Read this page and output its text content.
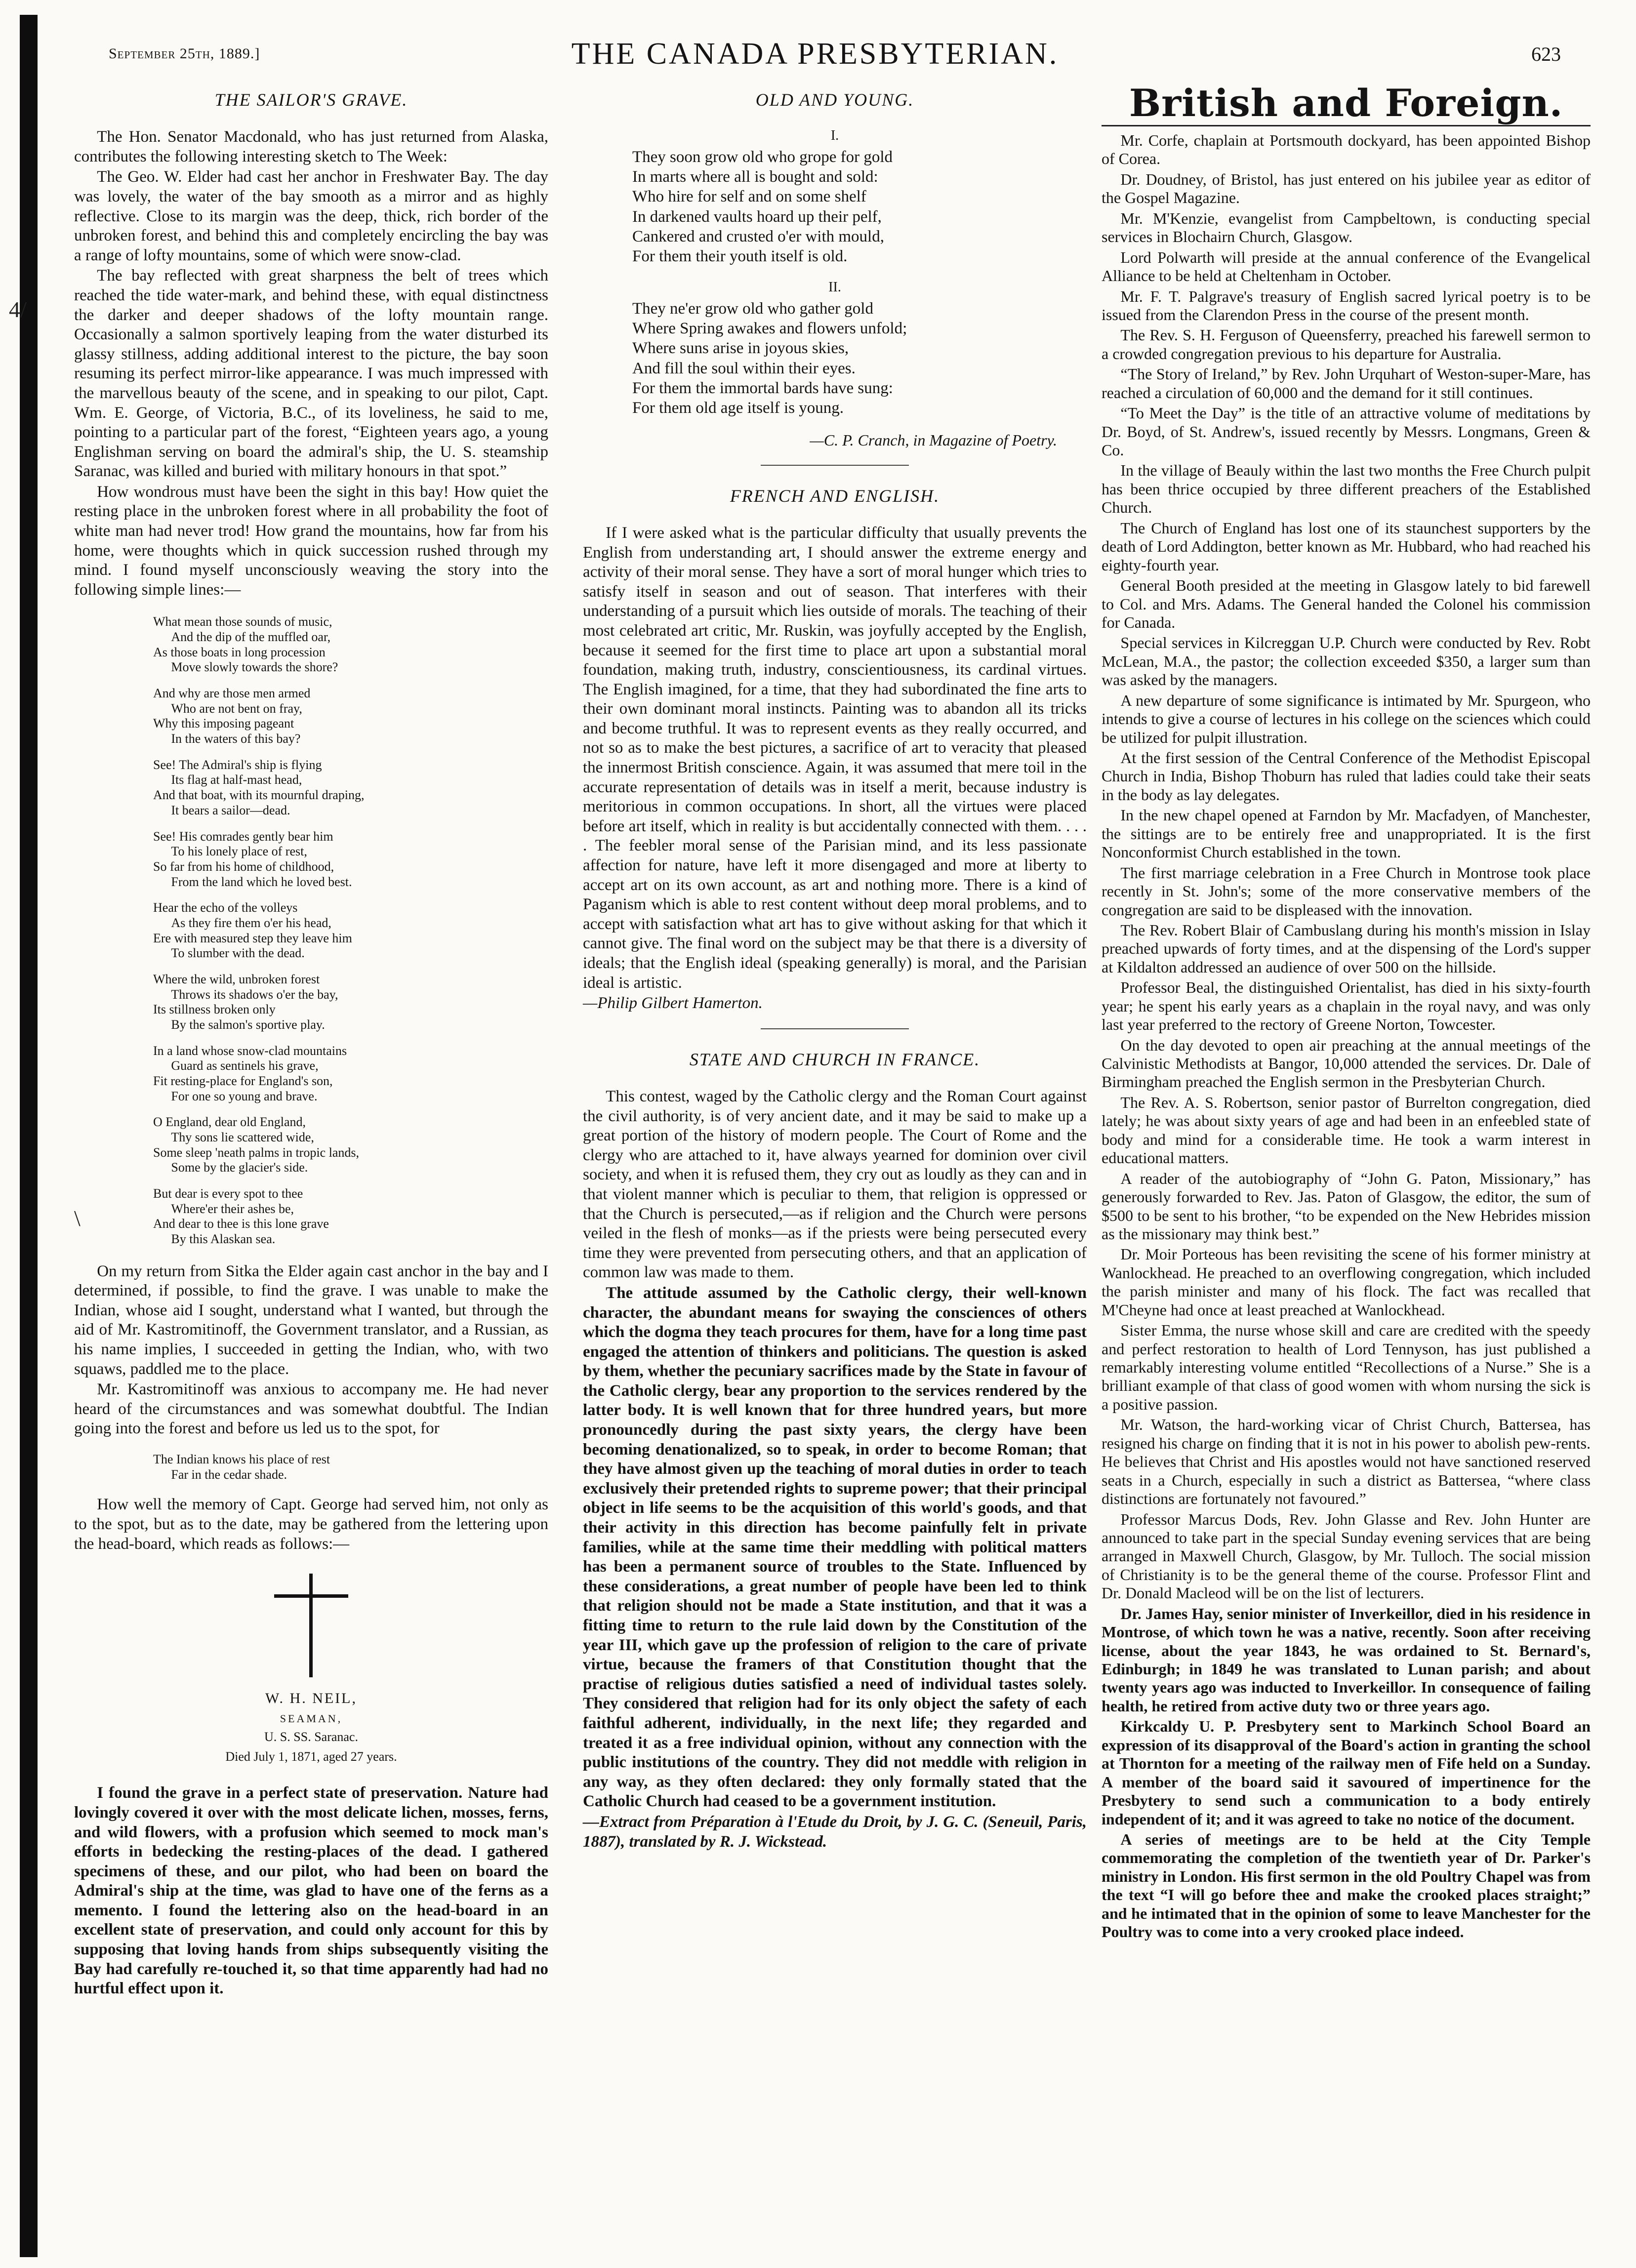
4/
\
September 25th, 1889.]	THE CANADA PRESBYTERIAN.	623
THE SAILOR'S GRAVE.

The Hon. Senator Macdonald, who has just returned from Alaska, contributes the following interesting sketch to The Week:

The Geo. W. Elder had cast her anchor in Freshwater Bay. The day was lovely, the water of the bay smooth as a mirror and as highly reflective. Close to its margin was the deep, thick, rich border of the unbroken forest, and behind this and completely encircling the bay was a range of lofty mountains, some of which were snow-clad.

The bay reflected with great sharpness the belt of trees which reached the tide water-mark, and behind these, with equal distinctness the darker and deeper shadows of the lofty mountain range. Occasionally a salmon sportively leaping from the water disturbed its glassy stillness, adding additional interest to the picture, the bay soon resuming its perfect mirror-like appearance. I was much impressed with the marvellous beauty of the scene, and in speaking to our pilot, Capt. Wm. E. George, of Victoria, B.C., of its loveliness, he said to me, pointing to a particular part of the forest, “Eighteen years ago, a young Englishman serving on board the admiral's ship, the U. S. steamship Saranac, was killed and buried with military honours in that spot.”

How wondrous must have been the sight in this bay! How quiet the resting place in the unbroken forest where in all probability the foot of white man had never trod! How grand the mountains, how far from his home, were thoughts which in quick succession rushed through my mind. I found myself unconsciously weaving the story into the following simple lines:—

What mean those sounds of music,
And the dip of the muffled oar,
As those boats in long procession
Move slowly towards the shore?
And why are those men armed
Who are not bent on fray,
Why this imposing pageant
In the waters of this bay?
See! The Admiral's ship is flying
Its flag at half-mast head,
And that boat, with its mournful draping,
It bears a sailor—dead.
See! His comrades gently bear him
To his lonely place of rest,
So far from his home of childhood,
From the land which he loved best.
Hear the echo of the volleys
As they fire them o'er his head,
Ere with measured step they leave him
To slumber with the dead.
Where the wild, unbroken forest
Throws its shadows o'er the bay,
Its stillness broken only
By the salmon's sportive play.
In a land whose snow-clad mountains
Guard as sentinels his grave,
Fit resting-place for England's son,
For one so young and brave.
O England, dear old England,
Thy sons lie scattered wide,
Some sleep 'neath palms in tropic lands,
Some by the glacier's side.
But dear is every spot to thee
Where'er their ashes be,
And dear to thee is this lone grave
By this Alaskan sea.

On my return from Sitka the Elder again cast anchor in the bay and I determined, if possible, to find the grave. I was unable to make the Indian, whose aid I sought, understand what I wanted, but through the aid of Mr. Kastromitinoff, the Government translator, and a Russian, as his name implies, I succeeded in getting the Indian, who, with two squaws, paddled me to the place.

Mr. Kastromitinoff was anxious to accompany me. He had never heard of the circumstances and was somewhat doubtful. The Indian going into the forest and before us led us to the spot, for

The Indian knows his place of rest
Far in the cedar shade.

How well the memory of Capt. George had served him, not only as to the spot, but as to the date, may be gathered from the lettering upon the head-board, which reads as follows:—

W. H. NEIL,
SEAMAN,
U. S. SS. Saranac.
Died July 1, 1871, aged 27 years.

I found the grave in a perfect state of preservation. Nature had lovingly covered it over with the most delicate lichen, mosses, ferns, and wild flowers, with a profusion which seemed to mock man's efforts in bedecking the resting-places of the dead. I gathered specimens of these, and our pilot, who had been on board the Admiral's ship at the time, was glad to have one of the ferns as a memento. I found the lettering also on the head-board in an excellent state of preservation, and could only account for this by supposing that loving hands from ships subsequently visiting the Bay had carefully re-touched it, so that time apparently had had no hurtful effect upon it.

OLD AND YOUNG.
I.
They soon grow old who grope for gold
In marts where all is bought and sold:
Who hire for self and on some shelf
In darkened vaults hoard up their pelf,
Cankered and crusted o'er with mould,
For them their youth itself is old.
II.
They ne'er grow old who gather gold
Where Spring awakes and flowers unfold;
Where suns arise in joyous skies,
And fill the soul within their eyes.
For them the immortal bards have sung:
For them old age itself is young.
—C. P. Cranch, in Magazine of Poetry.
FRENCH AND ENGLISH.

If I were asked what is the particular difficulty that usually prevents the English from understanding art, I should answer the extreme energy and activity of their moral sense. They have a sort of moral hunger which tries to satisfy itself in season and out of season. That interferes with their understanding of a pursuit which lies outside of morals. The teaching of their most celebrated art critic, Mr. Ruskin, was joyfully accepted by the English, because it seemed for the first time to place art upon a substantial moral foundation, making truth, industry, conscientiousness, its cardinal virtues. The English imagined, for a time, that they had subordinated the fine arts to their own dominant moral instincts. Painting was to abandon all its tricks and become truthful. It was to represent events as they really occurred, and not so as to make the best pictures, a sacrifice of art to veracity that pleased the innermost British conscience. Again, it was assumed that mere toil in the accurate representation of details was in itself a merit, because industry is meritorious in common occupations. In short, all the virtues were placed before art itself, which in reality is but accidentally connected with them. . . . . The feebler moral sense of the Parisian mind, and its less passionate affection for nature, have left it more disengaged and more at liberty to accept art on its own account, as art and nothing more. There is a kind of Paganism which is able to rest content without deep moral problems, and to accept with satisfaction what art has to give without asking for that which it cannot give. The final word on the subject may be that there is a diversity of ideals; that the English ideal (speaking generally) is moral, and the Parisian ideal is artistic.

—Philip Gilbert Hamerton.

STATE AND CHURCH IN FRANCE.

This contest, waged by the Catholic clergy and the Roman Court against the civil authority, is of very ancient date, and it may be said to make up a great portion of the history of modern people. The Court of Rome and the clergy who are attached to it, have always yearned for dominion over civil society, and when it is refused them, they cry out as loudly as they can and in that violent manner which is peculiar to them, that religion is oppressed or that the Church is persecuted,—as if religion and the Church were persons veiled in the flesh of monks—as if the priests were being persecuted every time they were prevented from persecuting others, and that an application of common law was made to them.

The attitude assumed by the Catholic clergy, their well-known character, the abundant means for swaying the consciences of others which the dogma they teach procures for them, have for a long time past engaged the attention of thinkers and politicians. The question is asked by them, whether the pecuniary sacrifices made by the State in favour of the Catholic clergy, bear any proportion to the services rendered by the latter body. It is well known that for three hundred years, but more pronouncedly during the past sixty years, the clergy have been becoming denationalized, so to speak, in order to become Roman; that they have almost given up the teaching of moral duties in order to teach exclusively their pretended rights to supreme power; that their principal object in life seems to be the acquisition of this world's goods, and that their activity in this direction has become painfully felt in private families, while at the same time their meddling with political matters has been a permanent source of troubles to the State. Influenced by these considerations, a great number of people have been led to think that religion should not be made a State institution, and that it was a fitting time to return to the rule laid down by the Constitution of the year III, which gave up the profession of religion to the care of private virtue, because the framers of that Constitution thought that the practise of religious duties satisfied a need of individual tastes solely. They considered that religion had for its only object the safety of each faithful adherent, individually, in the next life; they regarded and treated it as a free individual opinion, without any connection with the public institutions of the country. They did not meddle with religion in any way, as they often declared: they only formally stated that the Catholic Church had ceased to be a government institution.

—Extract from Préparation à l'Etude du Droit, by J. G. C. (Seneuil, Paris, 1887), translated by R. J. Wickstead.

British and Foreign.

Mr. Corfe, chaplain at Portsmouth dockyard, has been appointed Bishop of Corea.

Dr. Doudney, of Bristol, has just entered on his jubilee year as editor of the Gospel Magazine.

Mr. M'Kenzie, evangelist from Campbeltown, is conducting special services in Blochairn Church, Glasgow.

Lord Polwarth will preside at the annual conference of the Evangelical Alliance to be held at Cheltenham in October.

Mr. F. T. Palgrave's treasury of English sacred lyrical poetry is to be issued from the Clarendon Press in the course of the present month.

The Rev. S. H. Ferguson of Queensferry, preached his farewell sermon to a crowded congregation previous to his departure for Australia.

“The Story of Ireland,” by Rev. John Urquhart of Weston-super-Mare, has reached a circulation of 60,000 and the demand for it still continues.

“To Meet the Day” is the title of an attractive volume of meditations by Dr. Boyd, of St. Andrew's, issued recently by Messrs. Longmans, Green & Co.

In the village of Beauly within the last two months the Free Church pulpit has been thrice occupied by three different preachers of the Established Church.

The Church of England has lost one of its staunchest supporters by the death of Lord Addington, better known as Mr. Hubbard, who had reached his eighty-fourth year.

General Booth presided at the meeting in Glasgow lately to bid farewell to Col. and Mrs. Adams. The General handed the Colonel his commission for Canada.

Special services in Kilcreggan U.P. Church were conducted by Rev. Robt McLean, M.A., the pastor; the collection exceeded $350, a larger sum than was asked by the managers.

A new departure of some significance is intimated by Mr. Spurgeon, who intends to give a course of lectures in his college on the sciences which could be utilized for pulpit illustration.

At the first session of the Central Conference of the Methodist Episcopal Church in India, Bishop Thoburn has ruled that ladies could take their seats in the body as lay delegates.

In the new chapel opened at Farndon by Mr. Macfadyen, of Manchester, the sittings are to be entirely free and unappropriated. It is the first Nonconformist Church established in the town.

The first marriage celebration in a Free Church in Montrose took place recently in St. John's; some of the more conservative members of the congregation are said to be displeased with the innovation.

The Rev. Robert Blair of Cambuslang during his month's mission in Islay preached upwards of forty times, and at the dispensing of the Lord's supper at Kildalton addressed an audience of over 500 on the hillside.

Professor Beal, the distinguished Orientalist, has died in his sixty-fourth year; he spent his early years as a chaplain in the royal navy, and was only last year preferred to the rectory of Greene Norton, Towcester.

On the day devoted to open air preaching at the annual meetings of the Calvinistic Methodists at Bangor, 10,000 attended the services. Dr. Dale of Birmingham preached the English sermon in the Presbyterian Church.

The Rev. A. S. Robertson, senior pastor of Burrelton congregation, died lately; he was about sixty years of age and had been in an enfeebled state of body and mind for a considerable time. He took a warm interest in educational matters.

A reader of the autobiography of “John G. Paton, Missionary,” has generously forwarded to Rev. Jas. Paton of Glasgow, the editor, the sum of $500 to be sent to his brother, “to be expended on the New Hebrides mission as the missionary may think best.”

Dr. Moir Porteous has been revisiting the scene of his former ministry at Wanlockhead. He preached to an overflowing congregation, which included the parish minister and many of his flock. The fact was recalled that M'Cheyne had once at least preached at Wanlockhead.

Sister Emma, the nurse whose skill and care are credited with the speedy and perfect restoration to health of Lord Tennyson, has just published a remarkably interesting volume entitled “Recollections of a Nurse.” She is a brilliant example of that class of good women with whom nursing the sick is a positive passion.

Mr. Watson, the hard-working vicar of Christ Church, Battersea, has resigned his charge on finding that it is not in his power to abolish pew-rents. He believes that Christ and His apostles would not have sanctioned reserved seats in a Church, especially in such a district as Battersea, “where class distinctions are fortunately not favoured.”

Professor Marcus Dods, Rev. John Glasse and Rev. John Hunter are announced to take part in the special Sunday evening services that are being arranged in Maxwell Church, Glasgow, by Mr. Tulloch. The social mission of Christianity is to be the general theme of the course. Professor Flint and Dr. Donald Macleod will be on the list of lecturers.

Dr. James Hay, senior minister of Inverkeillor, died in his residence in Montrose, of which town he was a native, recently. Soon after receiving license, about the year 1843, he was ordained to St. Bernard's, Edinburgh; in 1849 he was translated to Lunan parish; and about twenty years ago was inducted to Inverkeillor. In consequence of failing health, he retired from active duty two or three years ago.

Kirkcaldy U. P. Presbytery sent to Markinch School Board an expression of its disapproval of the Board's action in granting the school at Thornton for a meeting of the railway men of Fife held on a Sunday. A member of the board said it savoured of impertinence for the Presbytery to send such a communication to a body entirely independent of it; and it was agreed to take no notice of the document.

A series of meetings are to be held at the City Temple commemorating the completion of the twentieth year of Dr. Parker's ministry in London. His first sermon in the old Poultry Chapel was from the text “I will go before thee and make the crooked places straight;” and he intimated that in the opinion of some to leave Manchester for the Poultry was to come into a very crooked place indeed.
